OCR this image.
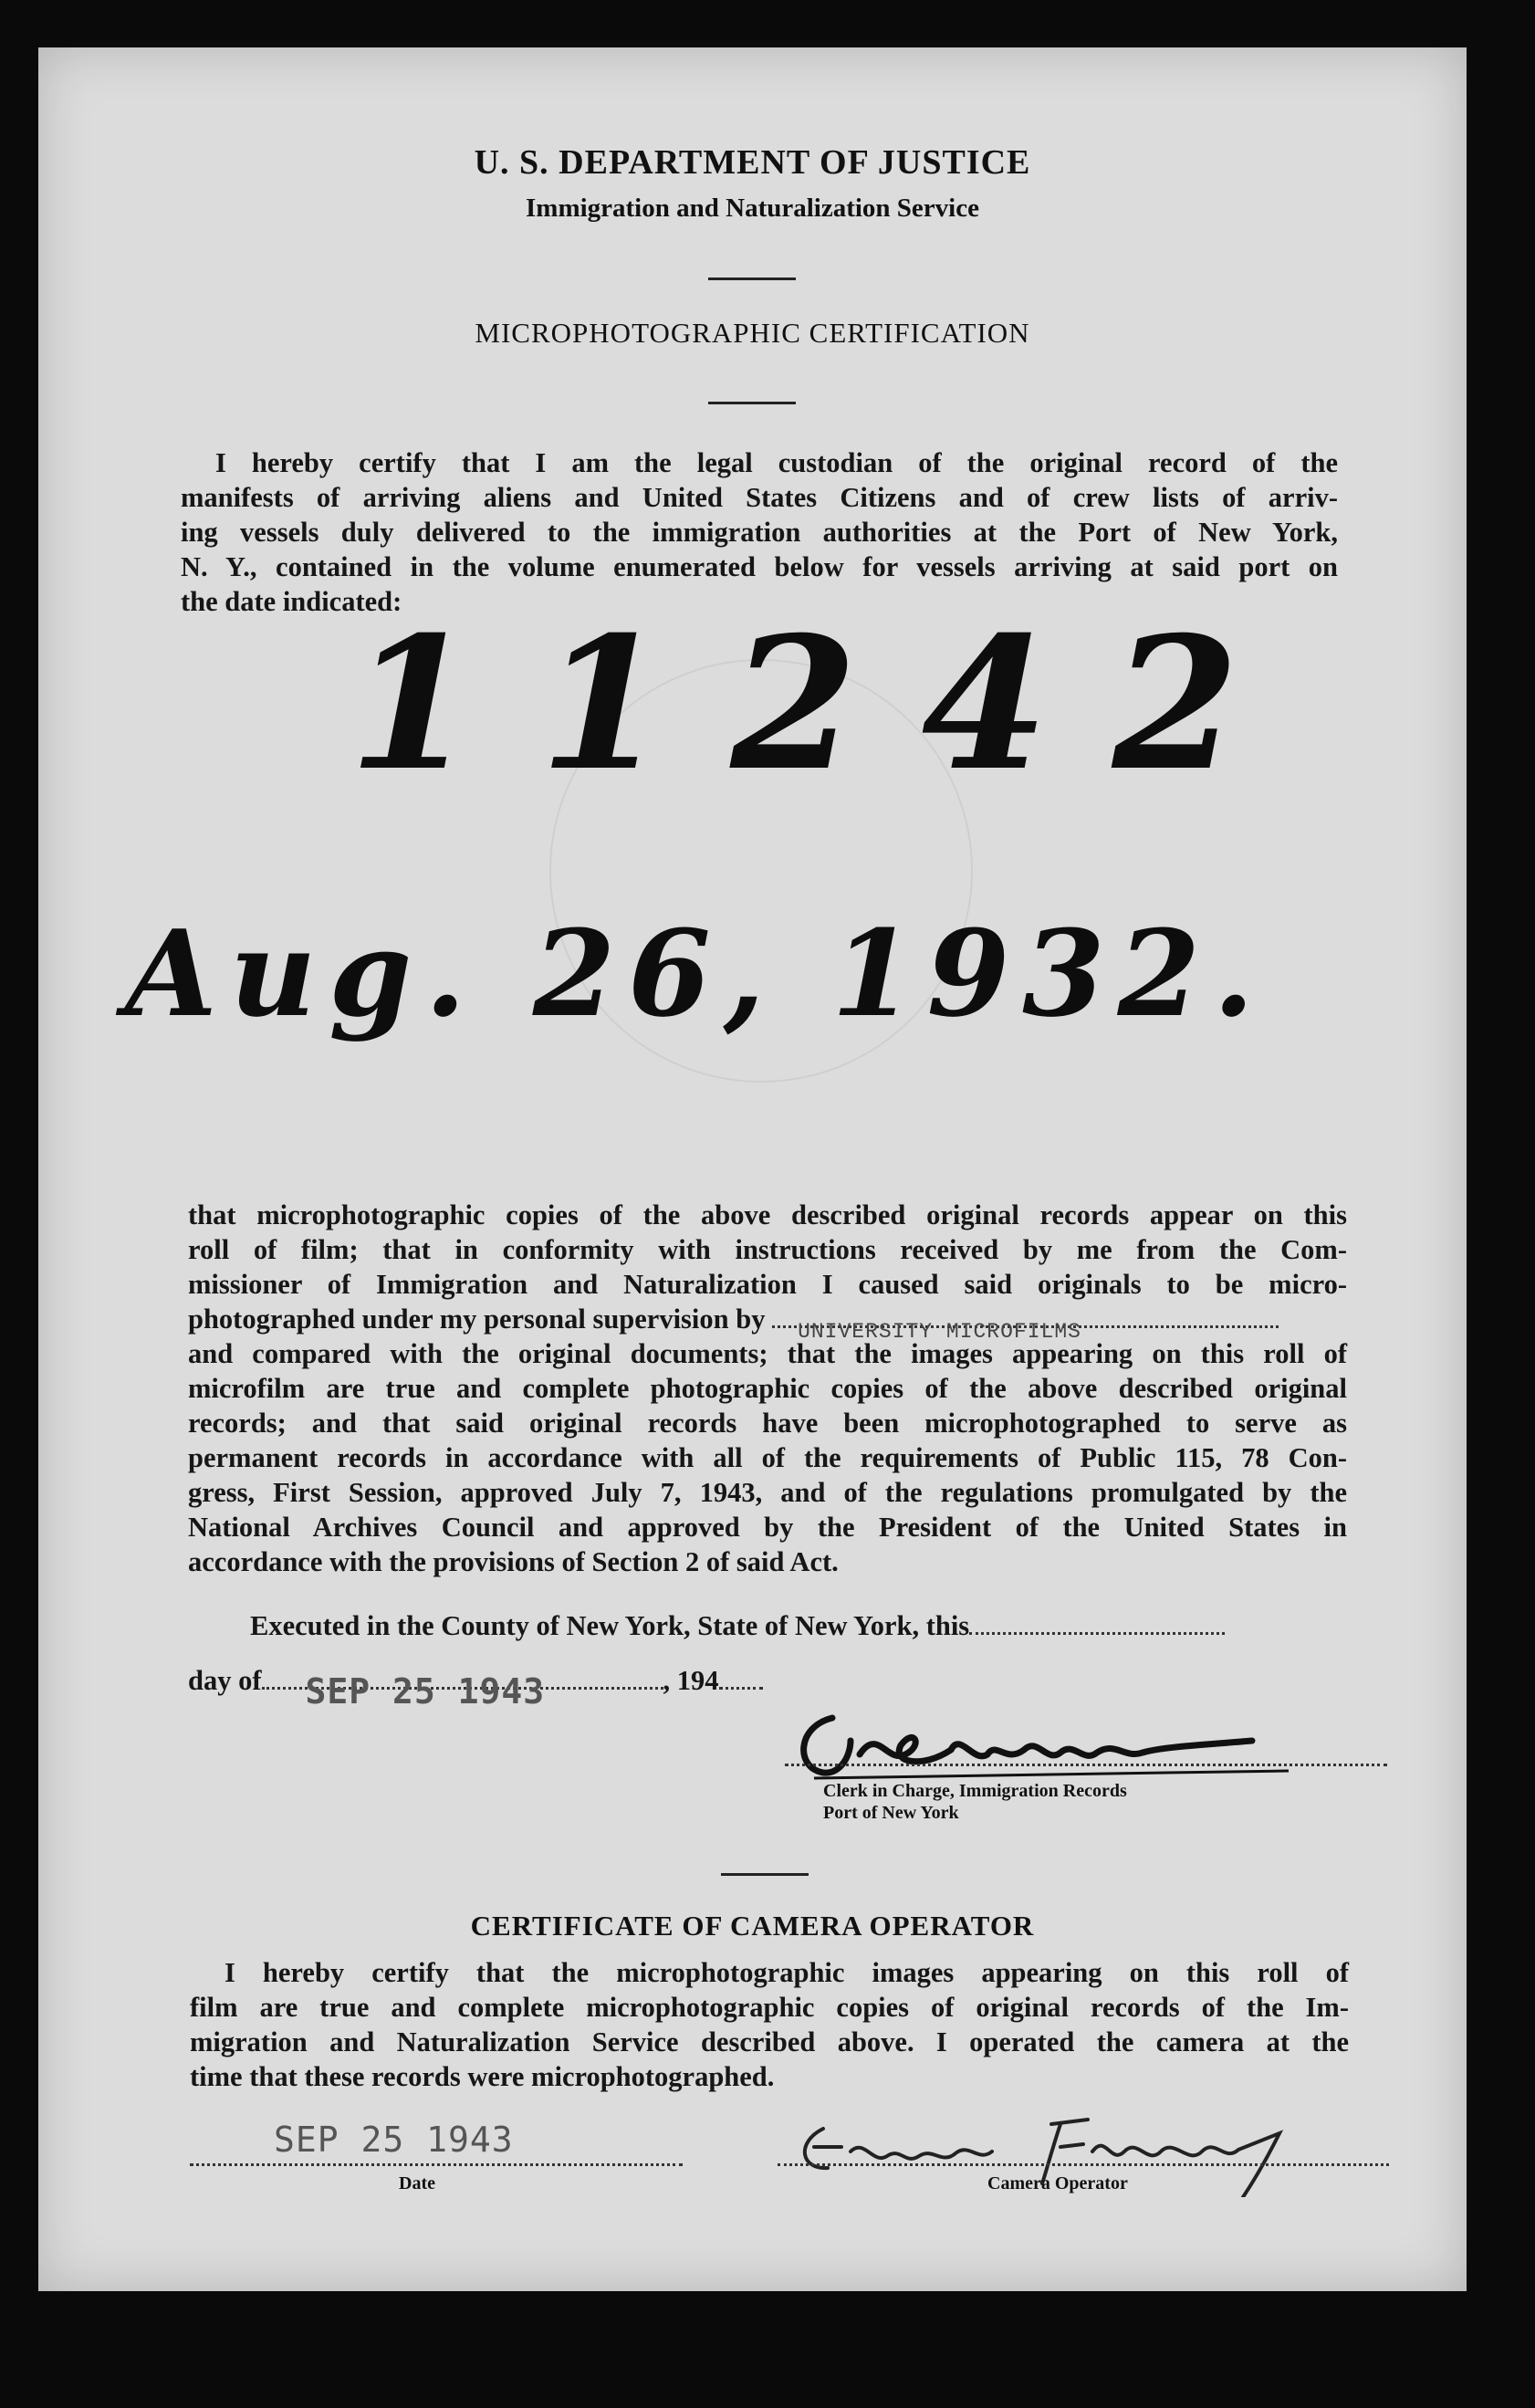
U. S. DEPARTMENT OF JUSTICE
Immigration and Naturalization Service
MICROPHOTOGRAPHIC CERTIFICATION
I hereby certify that I am the legal custodian of the original record of the
manifests of arriving aliens and United States Citizens and of crew lists of arriv-
ing vessels duly delivered to the immigration authorities at the Port of New York,
N. Y., contained in the volume enumerated below for vessels arriving at said port on
the date indicated:
11242
Aug. 26, 1932.
that microphotographic copies of the above described original records appear on this
roll of film; that in conformity with instructions received by me from the Com-
missioner of Immigration and Naturalization I caused said originals to be micro-
photographed under my personal supervision by UNIVERSITY MICROFILMS
and compared with the original documents; that the images appearing on this roll of
microfilm are true and complete photographic copies of the above described original
records; and that said original records have been microphotographed to serve as
permanent records in accordance with all of the requirements of Public 115, 78 Con-
gress, First Session, approved July 7, 1943, and of the regulations promulgated by the
National Archives Council and approved by the President of the United States in
accordance with the provisions of Section 2 of said Act.
Executed in the County of New York, State of New York, this
day of SEP 25 1943	, 194
Clerk in Charge, Immigration Records
Port of New York
CERTIFICATE OF CAMERA OPERATOR
I hereby certify that the microphotographic images appearing on this roll of
film are true and complete microphotographic copies of original records of the Im-
migration and Naturalization Service described above. I operated the camera at the
time that these records were microphotographed.
SEP 25 1943
Date	Camera Operator
